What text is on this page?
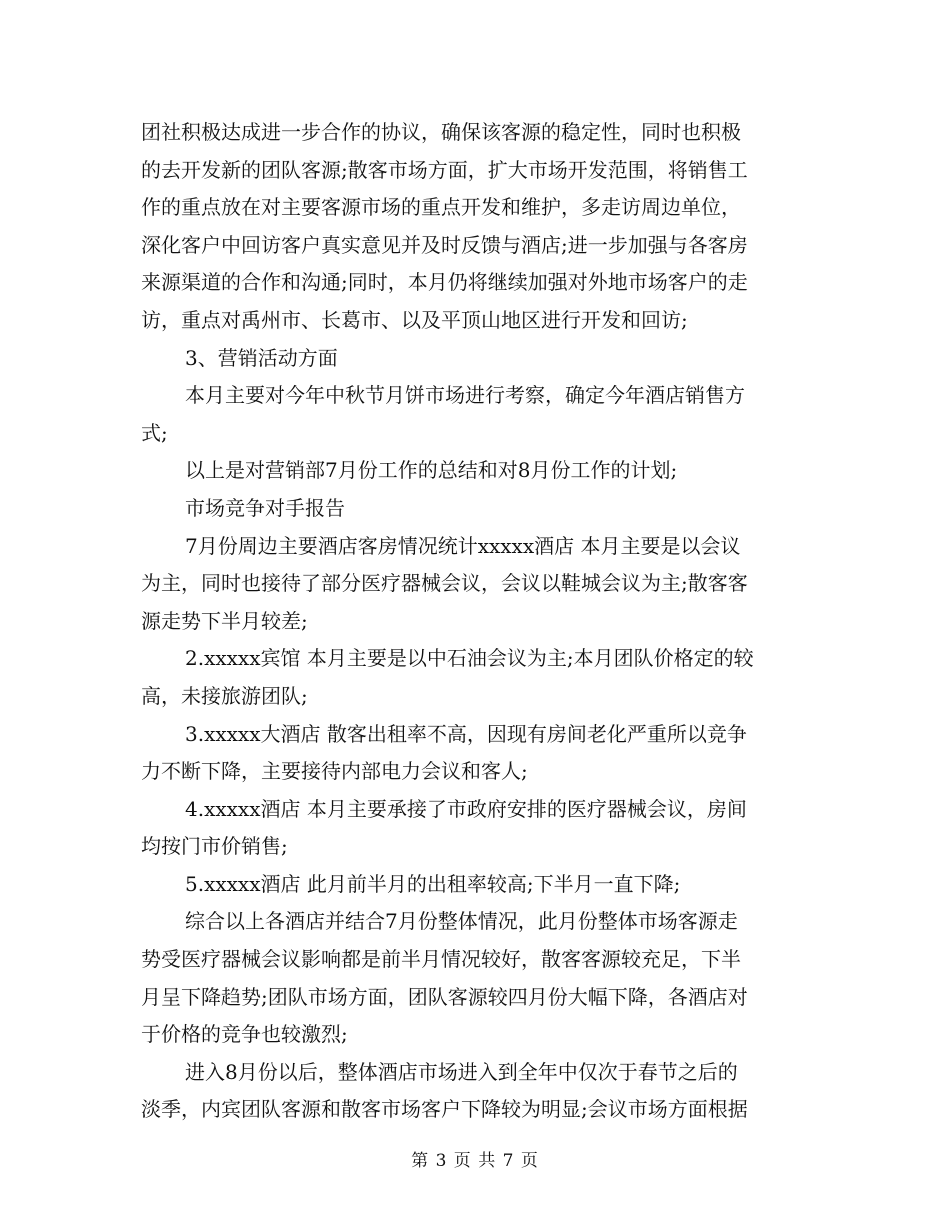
团社积极达成进一步合作的协议，确保该客源的稳定性，同时也积极
的去开发新的团队客源;散客市场方面，扩大市场开发范围，将销售工
作的重点放在对主要客源市场的重点开发和维护，多走访周边单位，
深化客户中回访客户真实意见并及时反馈与酒店;进一步加强与各客房
来源渠道的合作和沟通;同时，本月仍将继续加强对外地市场客户的走
访，重点对禹州市、长葛市、以及平顶山地区进行开发和回访;
3、营销活动方面
本月主要对今年中秋节月饼市场进行考察，确定今年酒店销售方
式;
以上是对营销部7月份工作的总结和对8月份工作的计划;
市场竞争对手报告
7月份周边主要酒店客房情况统计xxxxx酒店 本月主要是以会议
为主，同时也接待了部分医疗器械会议，会议以鞋城会议为主;散客客
源走势下半月较差;
2.xxxxx宾馆 本月主要是以中石油会议为主;本月团队价格定的较
高，未接旅游团队;
3.xxxxx大酒店 散客出租率不高，因现有房间老化严重所以竞争
力不断下降，主要接待内部电力会议和客人;
4.xxxxx酒店 本月主要承接了市政府安排的医疗器械会议，房间
均按门市价销售;
5.xxxxx酒店 此月前半月的出租率较高;下半月一直下降;
综合以上各酒店并结合7月份整体情况，此月份整体市场客源走
势受医疗器械会议影响都是前半月情况较好，散客客源较充足，下半
月呈下降趋势;团队市场方面，团队客源较四月份大幅下降，各酒店对
于价格的竞争也较激烈;
进入8月份以后，整体酒店市场进入到全年中仅次于春节之后的
淡季，内宾团队客源和散客市场客户下降较为明显;会议市场方面根据
第 3 页 共 7 页
